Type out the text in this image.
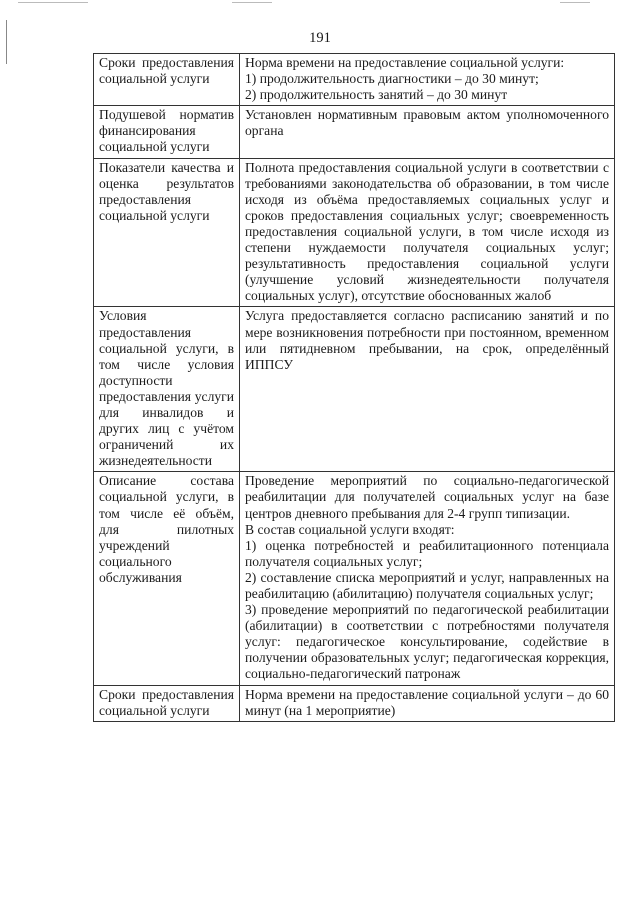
191
Сроки предоставления социальной услуги	Норма времени на предоставление социальной услуги:
1) продолжительность диагностики – до 30 минут;
2) продолжительность занятий – до 30 минут

Подушевой норматив финансирования социальной услуги	Установлен нормативным правовым актом уполномоченного органа

Показатели качества и оценка результатов предоставления социальной услуги	Полнота предоставления социальной услуги в соответствии с требованиями законодательства об образовании, в том числе исходя из объёма предоставляемых социальных услуг и сроков предоставления социальных услуг; своевременность предоставления социальной услуги, в том числе исходя из степени нуждаемости получателя социальных услуг; результативность предоставления социальной услуги (улучшение условий жизнедеятельности получателя социальных услуг), отсутствие обоснованных жалоб

Условия предоставления социальной услуги, в том числе условия доступности предоставления услуги для инвалидов и других лиц с учётом ограничений их жизнедеятельности	Услуга предоставляется согласно расписанию занятий и по мере возникновения потребности при постоянном, временном или пятидневном пребывании, на срок, определённый ИППСУ

Описание состава социальной услуги, в том числе её объём, для пилотных учреждений социального обслуживания	Проведение мероприятий по социально-педагогической реабилитации для получателей социальных услуг на базе центров дневного пребывания для 2-4 групп типизации.
В состав социальной услуги входят:
1) оценка потребностей и реабилитационного потенциала получателя социальных услуг;
2) составление списка мероприятий и услуг, направленных на реабилитацию (абилитацию) получателя социальных услуг;
3) проведение мероприятий по педагогической реабилитации (абилитации) в соответствии с потребностями получателя услуг: педагогическое консультирование, содействие в получении образовательных услуг; педагогическая коррекция, социально-педагогический патронаж

Сроки предоставления социальной услуги	Норма времени на предоставление социальной услуги – до 60 минут (на 1 мероприятие)
